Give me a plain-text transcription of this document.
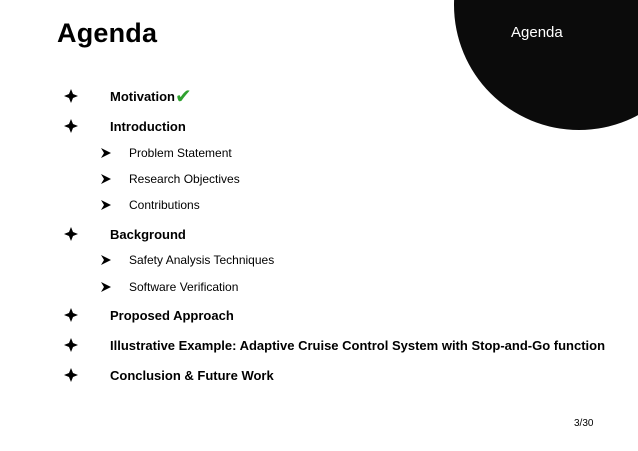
Agenda
Agenda
Motivation ✔
Introduction
Problem Statement
Research Objectives
Contributions
Background
Safety Analysis Techniques
Software Verification
Proposed Approach
Illustrative Example: Adaptive Cruise Control System with Stop-and-Go function
Conclusion & Future Work
3/30
